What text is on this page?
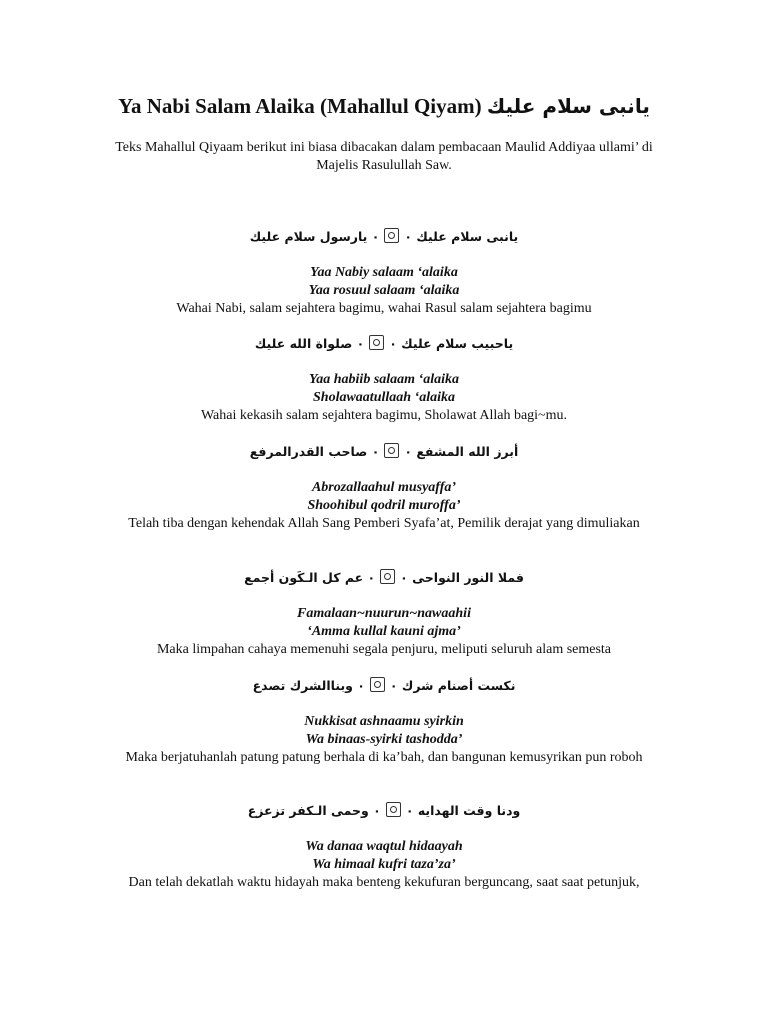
Ya Nabi Salam Alaika (Mahallul Qiyam) يانبى سلام عليك
Teks Mahallul Qiyaam berikut ini biasa dibacakan dalam pembacaan Maulid Addiyaa ullami’ di Majelis Rasulullah Saw.
يانبى سلام عليك ٠٠ يارسول سلام عليك
Yaa Nabiy salaam ‘alaika
Yaa rosuul salaam ‘alaika
Wahai Nabi, salam sejahtera bagimu, wahai Rasul salam sejahtera bagimu
ياحبيب سلام عليك ٠٠ صلواة الله عليك
Yaa habiib salaam ‘alaika
Sholawaatullaah ‘alaika
Wahai kekasih salam sejahtera bagimu, Sholawat Allah bagi~mu.
أبرز الله المشفع ٠٠ صاحب القدرالمرفع
Abrozallaahul musyaffa’
Shoohibul qodril muroffa’
Telah tiba dengan kehendak Allah Sang Pemberi Syafa’at, Pemilik derajat yang dimuliakan
فملا النور النواحى ٠٠ عم كل الـكَون أجمع
Famalaan~nuurun~nawaahii
‘Amma kullal kauni ajma’
Maka limpahan cahaya memenuhi segala penjuru, meliputi seluruh alam semesta
نكست أصنام شرك ٠٠ وبناالشرك تصدع
Nukkisat ashnaamu syirkin
Wa binaas-syirki tashodda’
Maka berjatuhanlah patung patung berhala di ka’bah, dan bangunan kemusyrikan pun roboh
ودنا وقت الهدايه ٠٠ وحمى الـكفر تزعزع
Wa danaa waqtul hidaayah
Wa himaal kufri taza’za’
Dan telah dekatlah waktu hidayah maka benteng kekufuran berguncang, saat saat petunjuk,
